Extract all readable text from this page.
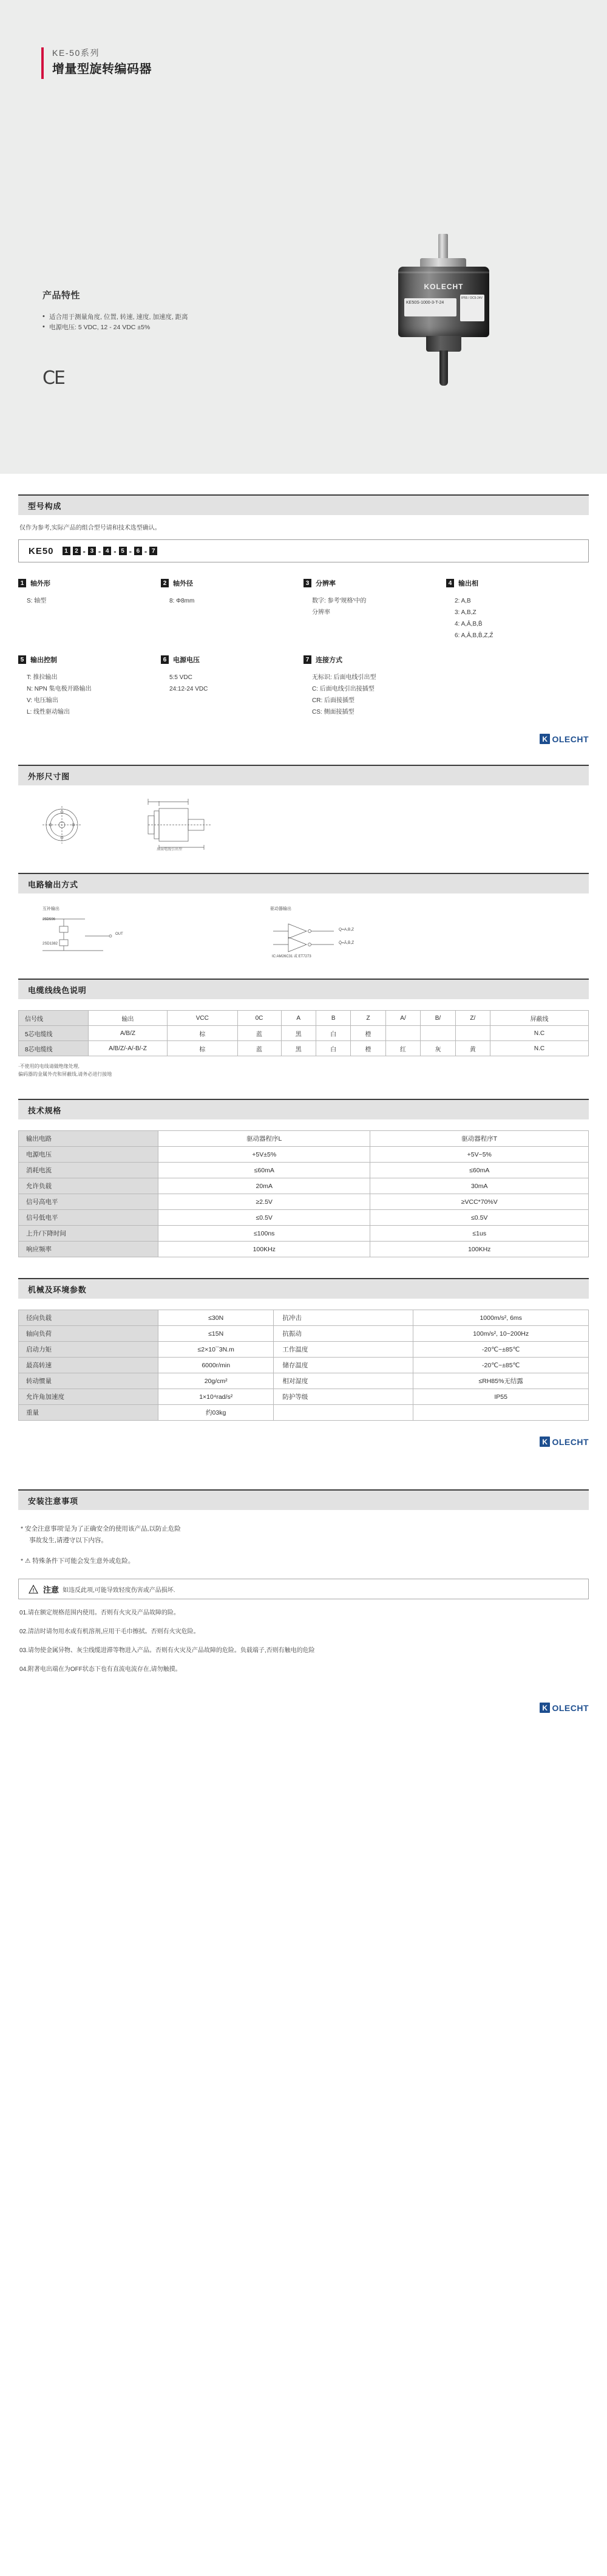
KE-50系列
增量型旋转编码器
产品特性
• 适合用于测量角度, 位置, 转速, 速度, 加速度, 距离
• 电源电压: 5 VDC, 12 - 24 VDC ±5%
CE
KOLECHT
KE50S-1000-3-T-24
IP55 / DC5-24V
型号构成
仅作为参考,实际产品的组合型号请和技术选型确认。
KE50	1	2 - 3 - 4 - 5 - 6 - 7
1 轴外形
S: 轴型
2 轴外径
8: Φ8mm
3 分辨率
数字: 参考'规格'中的
分辨率
4 输出相
2: A,B
3: A,B,Z
4: A,Ā,B,B̄
6: A,Ā,B,B̄,Z,Z̄
5 输出控制
T: 推拉输出
N: NPN 集电极开路输出
V: 电压输出
L: 线性驱动输出
6 电源电压
5:5 VDC
24:12-24 VDC
7 连接方式
无标识: 后面电线引出型
C: 后面电线引出接插型
CR: 后面接插型
CS: 侧面接插型
K OLECHT
外形尺寸图
后面电线引出型
电路输出方式
互补输出	驱动器输出
25D596
2SD1382
OUT
Q=A,B,Z
Q̄=Ā,B̄,Z̄
IC:AM26C31 或 ET7273
电缆线线色说明
信号线	输出	VCC	0C	A	B	Z	A/	B/	Z/	屏蔽线
5芯电缆线	A/B/Z	棕	蓝	黑	白	橙				N.C
8芯电缆线	A/B/Z/-A/-B/-Z	棕	蓝	黑	白	橙	红	灰	黄	N.C
·不使用的电线请做绝缘处理,
偏码器的金属外壳和屏蔽线,请务必进行接地
技术规格
输出电路	驱动器程序L	驱动器程序T
电源电压	+5V±5%	+5V~5%
消耗电流	≤60mA	≤60mA
允许负载	20mA	30mA
信号高电平	≥2.5V	≥VCC*70%V
信号低电平	≤0.5V	≤0.5V
上升/下降时间	≤100ns	≤1us
响应频率	100KHz	100KHz
机械及环境参数
径向负载	≤30N	抗冲击	1000m/s², 6ms
轴向负荷	≤15N	抗振动	100m/s², 10~200Hz
启动力矩	≤2×10¯3N.m	工作温度	-20℃~±85℃
最高转速	6000r/min	储存温度	-20℃~±85℃
转动惯量	20g/cm²	相对湿度	≤RH85%无结露
允许角加速度	1×10⁴rad/s²	防护等级	IP55
重量	约03kg		
K OLECHT
安装注意事项
* 安全注意事项'是为了正确安全的使用该产品,以防止危险
事故发生,请遵守以下内容。
* ⚠ 特殊条件下可能会发生意外或危险。
注意 如违反此项,可能导致轻度伤害或产品损坏.
01.请在额定规格范围内使用。否则有火灾及产品故障的险。
02.清洁时请勿用水或有机溶剂,应用干毛巾擦拭。否则有火灾危险。
03.请勿使金属异物、灰尘线缆进滞等物进入产品。否则有火灾及产品故障的危险。负载端子,否则有触电的危险
04.附著电出端在为OFF状态下也有直流电流存在,请勿触摸。
K OLECHT
